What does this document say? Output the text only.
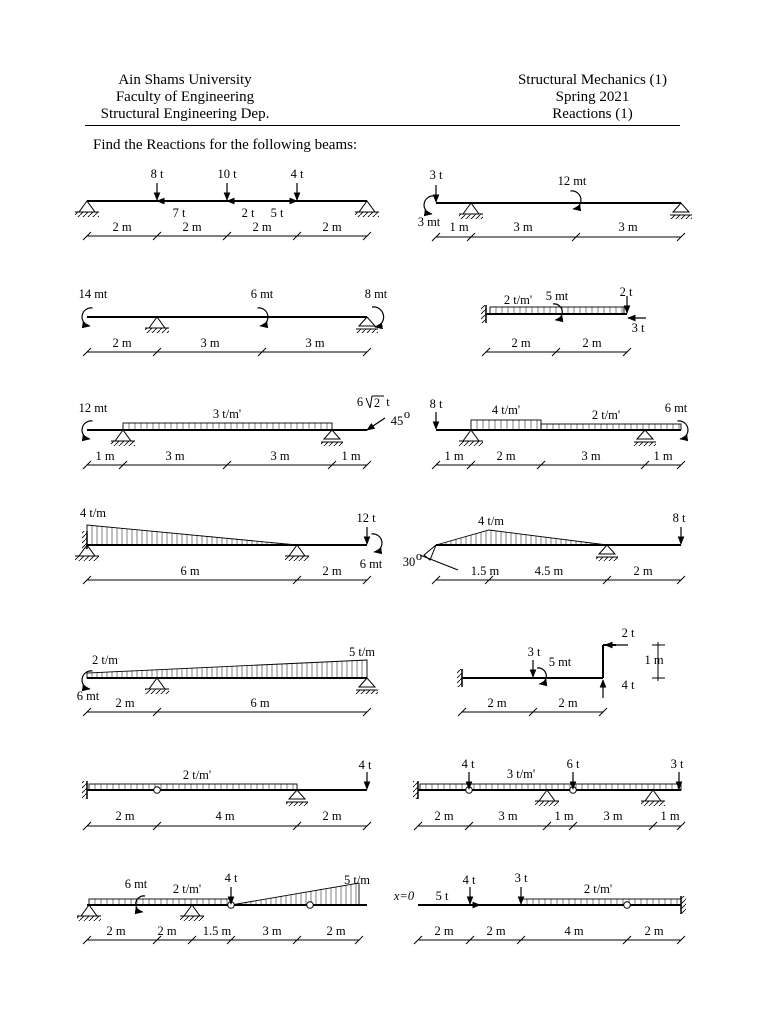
Ain Shams University
Faculty of Engineering
Structural Engineering Dep.
Structural Mechanics (1)
Spring 2021
Reactions (1)
Find the Reactions for the following beams:
8 t	10 t	4 t
7 t	2 t 5 t
2 m	2 m	2 m	2 m
3 t	12 mt
3 mt 1 m	3 m	3 m
14 mt	6 mt	8 mt
2 m	3 m	3 m
2 t/m' 5 mt	2 t
3 t
2 m	2 m
12 mt	3 t/m'
6 2 t
45 o
1 m	3 m	3 m	1 m
8 t	4 t/m'	2 t/m'	6 mt
1 m	2 m	3 m	1 m
4 t/m	12 t
6 mt
6 m	2 m
4 t/m	8 t
30 o
1.5 m	4.5 m	2 m
2 t/m
5 t/m
6 mt 2 m	6 m
3 t
5 mt
2 t
4 t
1 m
2 m	2 m
2 t/m'
4 t
2 m	4 m	2 m
4 t	6 t
3 t/m'
3 t
2 m	3 m	1 m 3 m	1 m
6 mt 2 t/m'
4 t	5 t/m
2 m	2 m 1.5 m 3 m	2 m
x=0 5 t
4 t	3 t
2 t/m'
2 m	2 m	4 m	2 m
